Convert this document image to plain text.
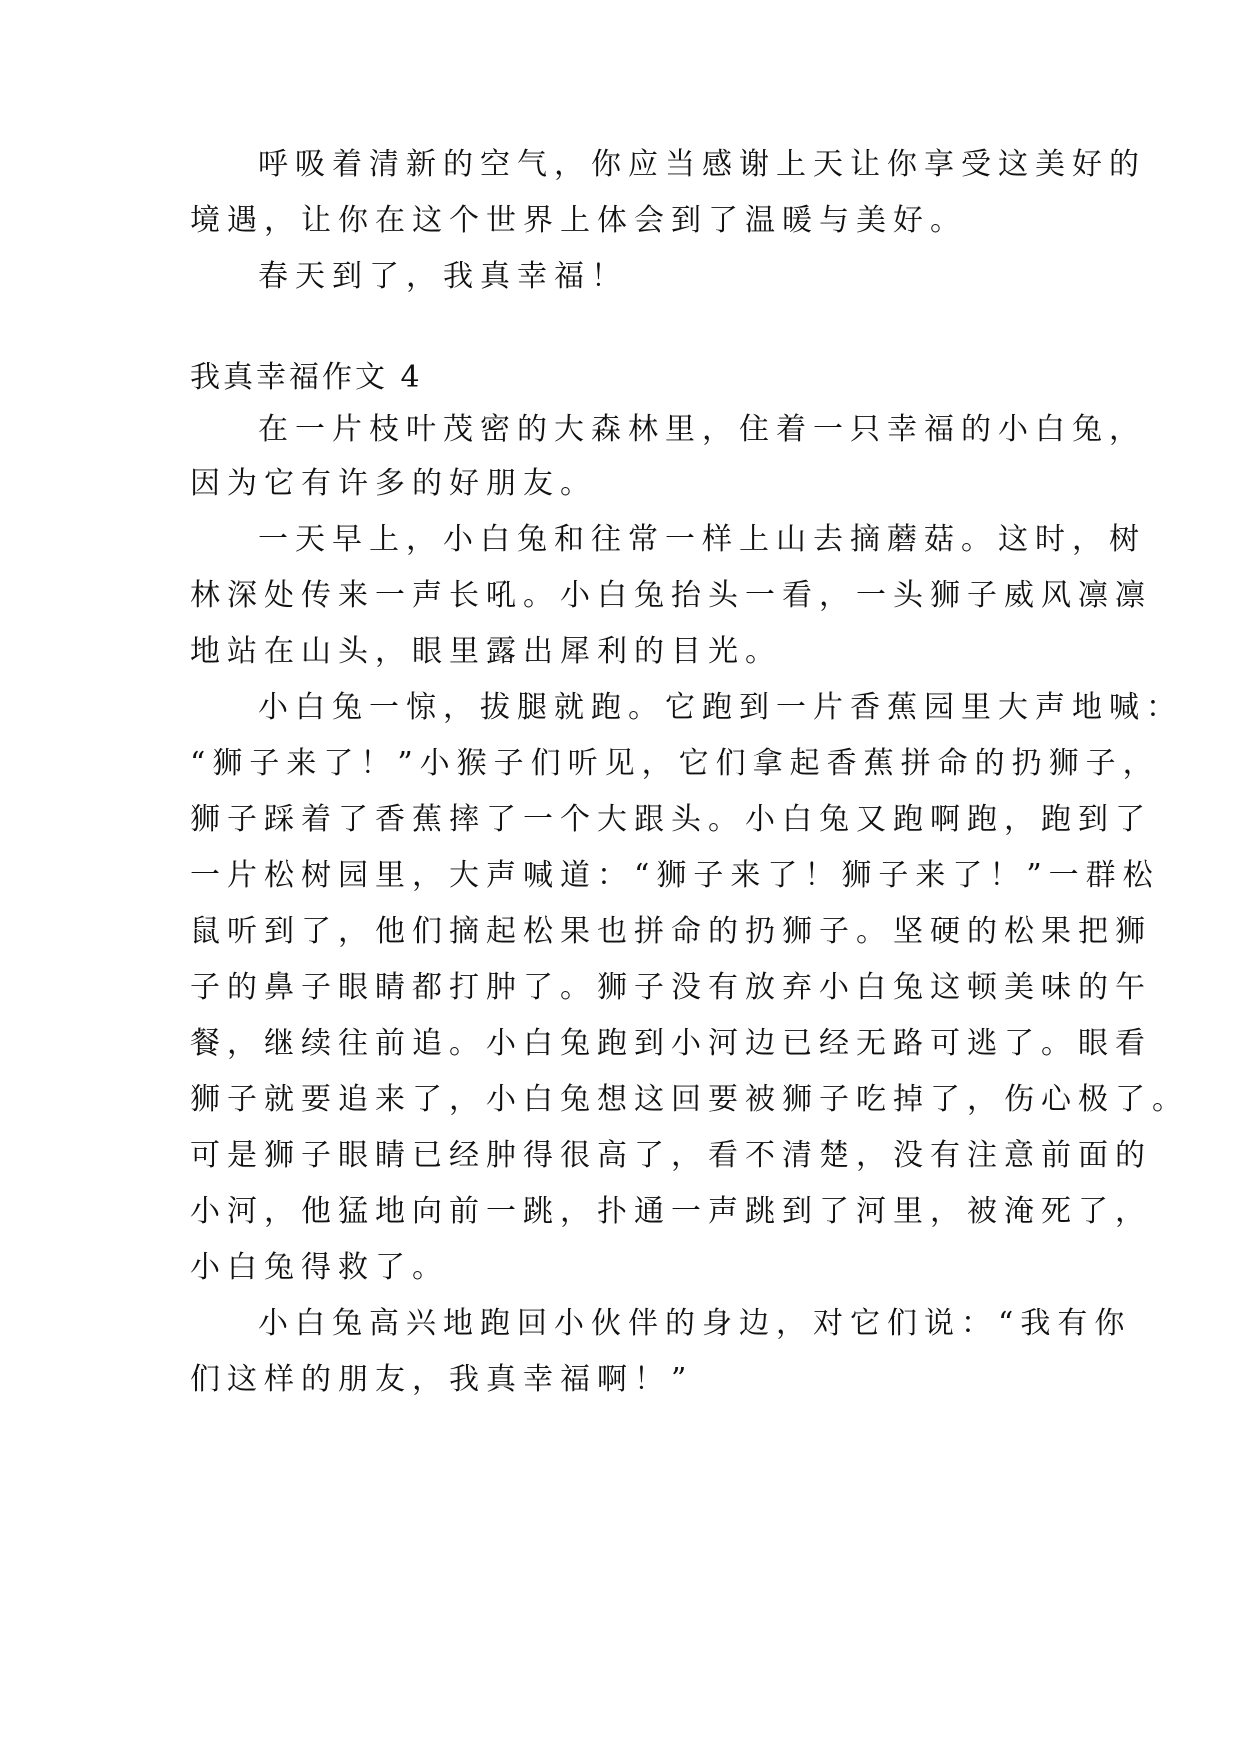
呼吸着清新的空气，你应当感谢上天让你享受这美好的
境遇，让你在这个世界上体会到了温暖与美好。
春天到了，我真幸福！
我真幸福作文 4
在一片枝叶茂密的大森林里，住着一只幸福的小白兔，
因为它有许多的好朋友。
一天早上，小白兔和往常一样上山去摘蘑菇。这时，树
林深处传来一声长吼。小白兔抬头一看，一头狮子威风凛凛
地站在山头，眼里露出犀利的目光。
小白兔一惊，拔腿就跑。它跑到一片香蕉园里大声地喊：
“狮子来了！”小猴子们听见，它们拿起香蕉拼命的扔狮子，
狮子踩着了香蕉摔了一个大跟头。小白兔又跑啊跑，跑到了
一片松树园里，大声喊道：“狮子来了！狮子来了！”一群松
鼠听到了，他们摘起松果也拼命的扔狮子。坚硬的松果把狮
子的鼻子眼睛都打肿了。狮子没有放弃小白兔这顿美味的午
餐，继续往前追。小白兔跑到小河边已经无路可逃了。眼看
狮子就要追来了，小白兔想这回要被狮子吃掉了，伤心极了。
可是狮子眼睛已经肿得很高了，看不清楚，没有注意前面的
小河，他猛地向前一跳，扑通一声跳到了河里，被淹死了，
小白兔得救了。
小白兔高兴地跑回小伙伴的身边，对它们说：“我有你
们这样的朋友，我真幸福啊！”
